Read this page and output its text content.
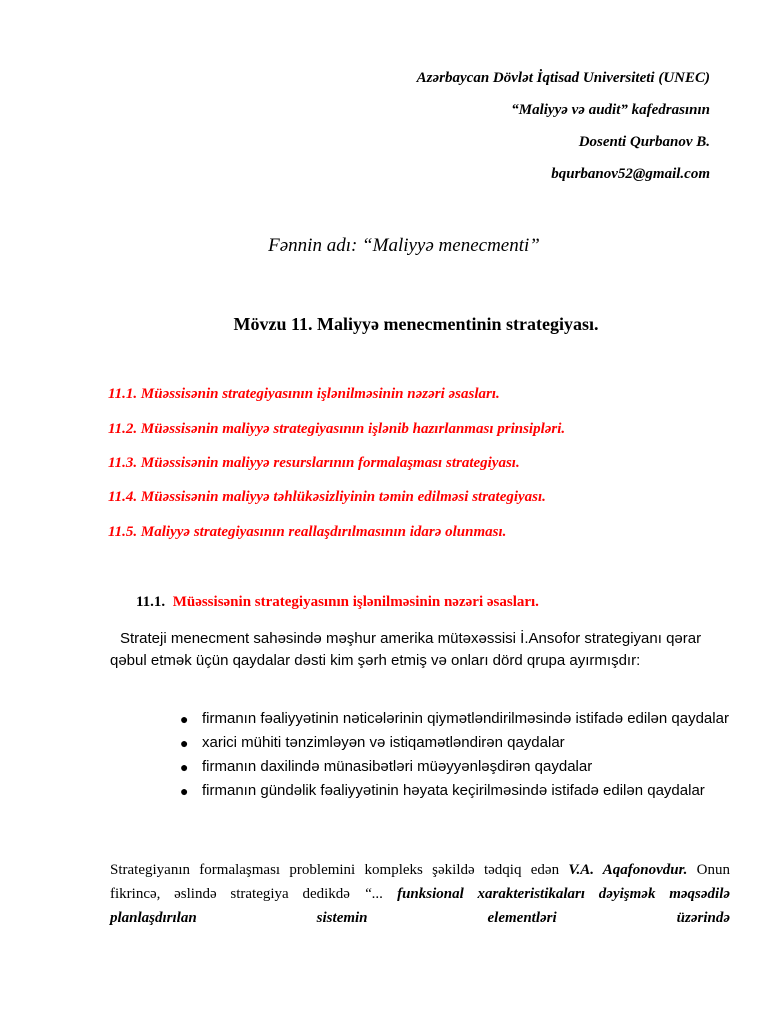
Azərbaycan Dövlət İqtisad Universiteti (UNEC)
“Maliyyə və audit” kafedrasının
Dosenti Qurbanov B.
bqurbanov52@gmail.com
Fənnin adı: “Maliyyə menecmenti”
Mövzu 11. Maliyyə menecmentinin strategiyası.
11.1. Müəssisənin strategiyasının işlənilməsinin nəzəri əsasları.
11.2. Müəssisənin maliyyə strategiyasının işlənib hazırlanması prinsipləri.
11.3. Müəssisənin maliyyə resurslarının formalaşması strategiyası.
11.4. Müəssisənin maliyyə təhlükəsizliyinin təmin edilməsi strategiyası.
11.5. Maliyyə strategiyasının reallaşdırılmasının idarə olunması.
11.1. Müəssisənin strategiyasının işlənilməsinin nəzəri əsasları.
Strateji menecment sahəsində məşhur amerika mütəxəssisi İ.Ansofor strategiyanı qərar qəbul etmək üçün qaydalar dəsti kim şərh etmiş və onları dörd qrupa ayırmışdır:
● firmanın fəaliyyətinin nəticələrinin qiymətləndirilməsində istifadə edilən qaydalar
● xarici mühiti tənzimləyən və istiqamətləndirən qaydalar
● firmanın daxilində münasibətləri müəyyənləşdirən qaydalar
● firmanın gündəlik fəaliyyətinin həyata keçirilməsində istifadə edilən qaydalar
Strategiyanın formalaşması problemini kompleks şəkildə tədqiq edən V.A. Aqafonovdur. Onun fikrincə, əslində strategiya dedikdə “... funksional xarakteristikaları dəyişmək məqsədilə planlaşdırılan sistemin elementləri üzərində
